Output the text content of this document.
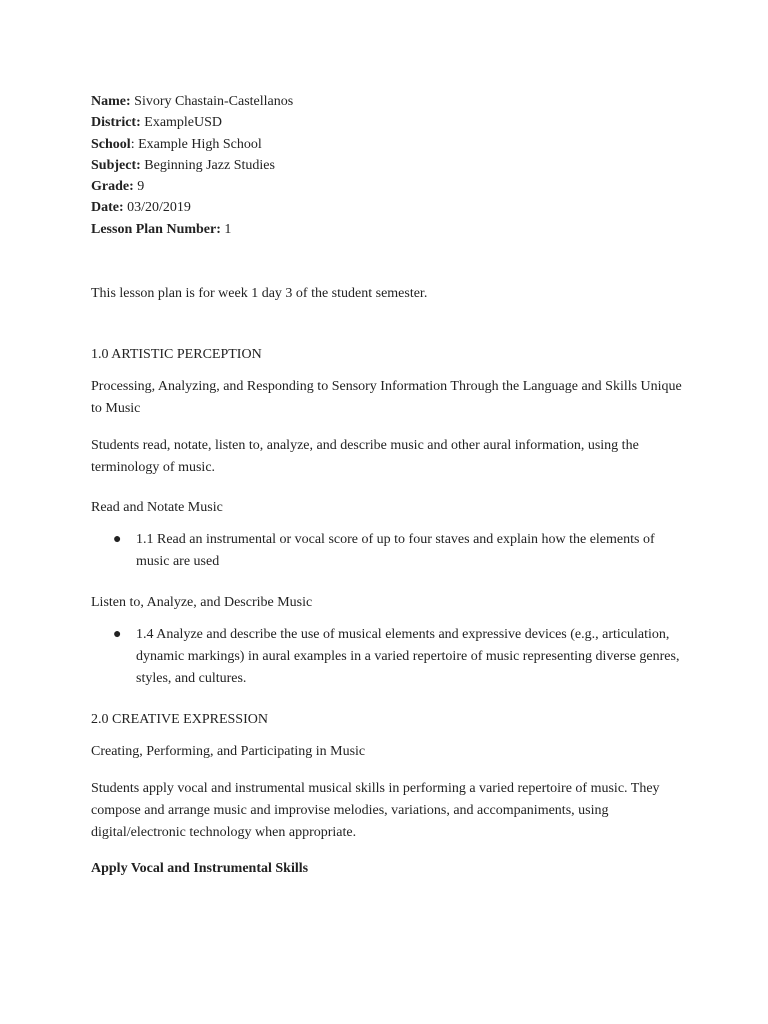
Name: Sivory Chastain-Castellanos

District: ExampleUSD

School: Example High School

Subject: Beginning Jazz Studies

Grade: 9

Date: 03/20/2019

Lesson Plan Number: 1

This lesson plan is for week 1 day 3 of the student semester.

1.0 ARTISTIC PERCEPTION

Processing, Analyzing, and Responding to Sensory Information Through the Language and Skills Unique to Music

Students read, notate, listen to, analyze, and describe music and other aural information, using the terminology of music.

Read and Notate Music

● 1.1 Read an instrumental or vocal score of up to four staves and explain how the elements of music are used

Listen to, Analyze, and Describe Music

● 1.4 Analyze and describe the use of musical elements and expressive devices (e.g., articulation, dynamic markings) in aural examples in a varied repertoire of music representing diverse genres, styles, and cultures.

2.0 CREATIVE EXPRESSION

Creating, Performing, and Participating in Music

Students apply vocal and instrumental musical skills in performing a varied repertoire of music. They compose and arrange music and improvise melodies, variations, and accompaniments, using digital/electronic technology when appropriate.

Apply Vocal and Instrumental Skills
